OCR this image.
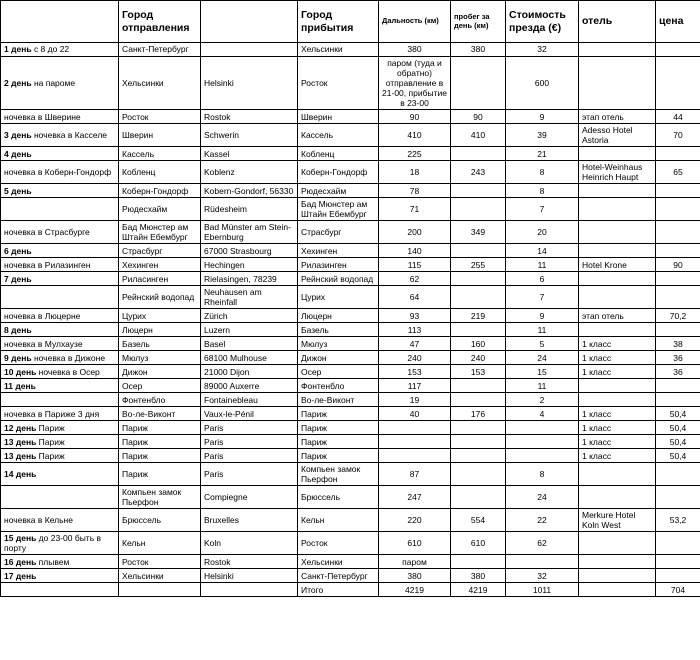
	Город отправления		Город прибытия	Дальность (км)	пробег за день (км)	Стоимость презда (€)	отель	цена
1 день с 8 до 22	Санкт-Петербург		Хельсинки	380	380	32		
2 день на пароме	Хельсинки	Helsinki	Росток	паром (туда и обратно) отправление в 21-00, прибытие в 23-00		600		
ночевка в Шверине	Росток	Rostok	Шверин	90	90	9	этап отель	44
3 день ночевка в Касселе	Шверин	Schwerin	Кассель	410	410	39	Adesso Hotel Astoria	70
4 день	Кассель	Kassel	Кобленц	225		21		
ночевка в Коберн-Гондорф	Кобленц	Koblenz	Коберн-Гондорф	18	243	8	Hotel-Weinhaus Heinrich Haupt	65
5 день	Коберн-Гондорф	Kobern-Gondorf, 56330	Рюдесхайм	78		8		
	Рюдесхайм	Rüdesheim	Бад Мюнстер ам Штайн Ебембург	71		7		
ночевка в Страсбурге	Бад Мюнстер ам Штайн Ебембург	Bad Münster am Stein-Ebernburg	Страсбург	200	349	20		
6 день	Страсбург	67000 Strasbourg	Хехинген	140		14		
ночевка в Рилазинген	Хехинген	Hechingen	Рилазинген	115	255	11	Hotel Krone	90
7 день	Риласинген	Rielasingen, 78239	Рейнский водопад	62		6		
	Рейнский водопад	Neuhausen am Rheinfall	Цурих	64		7		
ночевка в Люцерне	Цурих	Zürich	Люцерн	93	219	9	этап отель	70,2
8 день	Люцерн	Luzern	Базель	113		11		
ночевка в Мулхаузе	Базель	Basel	Мюлуз	47	160	5	1 класс	38
9 день ночевка в Дижоне	Мюлуз	68100 Mulhouse	Дижон	240	240	24	1 класс	36
10 день ночевка в Осер	Дижон	21000 Dijon	Осер	153	153	15	1 класс	36
11 день	Осер	89000 Auxerre	Фонтенбло	117		11		
	Фонтенбло	Fontainebleau	Во-ле-Виконт	19		2		
ночевка в Париже 3 дня	Во-ле-Виконт	Vaux-le-Pénil	Париж	40	176	4	1 класс	50,4
12 день Париж	Париж	Paris	Париж				1 класс	50,4
13 день Париж	Париж	Paris	Париж				1 класс	50,4
13 день Париж	Париж	Paris	Париж				1 класс	50,4
14 день	Париж	Paris	Компьен замок Пьерфон	87		8		
	Компьен замок Пьерфон	Compiegne	Брюссель	247		24		
ночевка в Кельне	Брюссель	Bruxelles	Кельн	220	554	22	Merkure Hotel Koln West	53,2
15 день до 23-00 быть в порту	Кельн	Koln	Росток	610	610	62		
16 день плывем	Росток	Rostok	Хельсинки	паром				
17 день	Хельсинки	Helsinki	Санкт-Петербург	380	380	32		
			Итого	4219	4219	1011		704
